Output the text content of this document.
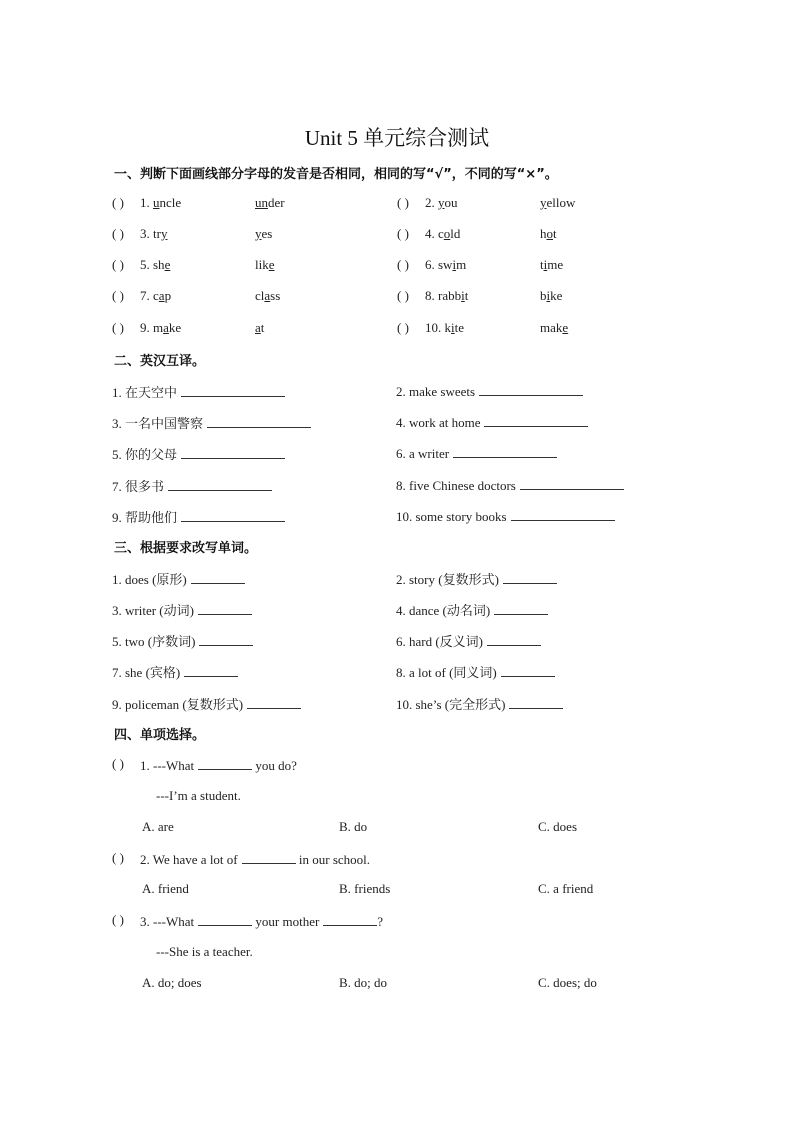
Unit 5 单元综合测试
一、判断下面画线部分字母的发音是否相同，相同的写“√”，不同的写“×”。
( ) 1. uncle	under	( ) 2. you	yellow
( ) 3. try	yes	( ) 4. cold	hot
( ) 5. she	like	( ) 6. swim	time
( ) 7. cap	class	( ) 8. rabbit	bike
( ) 9. make	at	( ) 10. kite	make
二、英汉互译。
1. 在天空中	2. make sweets
3. 一名中国警察	4. work at home
5. 你的父母	6. a writer
7. 很多书	8. five Chinese doctors
9. 帮助他们	10. some story books
三、根据要求改写单词。
1. does (原形)	2. story (复数形式)
3. writer (动词)	4. dance (动名词)
5. two (序数词)	6. hard (反义词)
7. she (宾格)	8. a lot of (同义词)
9. policeman (复数形式)	10. she’s (完全形式)
四、单项选择。
( ) 1. ---What	you do?
---I’m a student.
A. are	B. do	C. does
( ) 2. We have a lot of	in our school.
A. friend	B. friends	C. a friend
( ) 3. ---What	your mother	?
---She is a teacher.
A. do; does	B. do; do	C. does; do
